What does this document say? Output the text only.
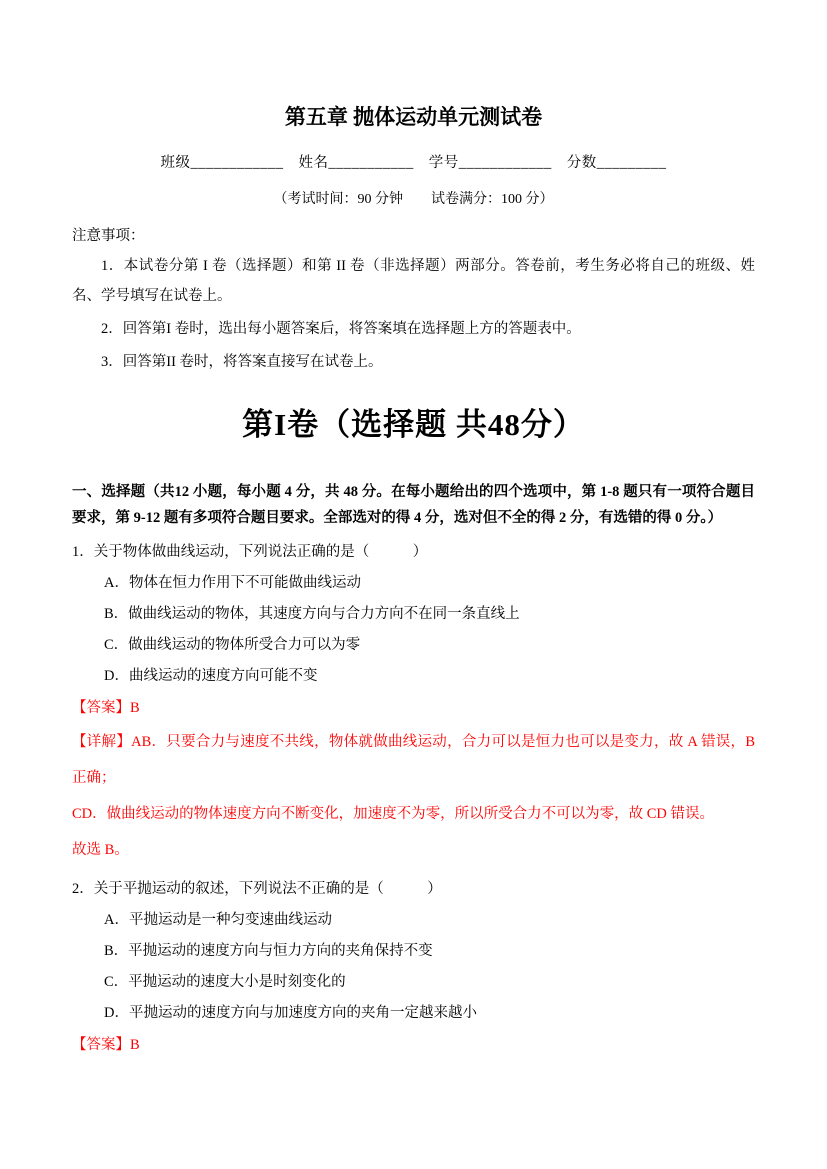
第五章 抛体运动单元测试卷

班级____________　姓名___________　学号____________　分数_________

（考试时间：90 分钟　　试卷满分：100 分）

注意事项：

1．本试卷分第 I 卷（选择题）和第 II 卷（非选择题）两部分。答卷前，考生务必将自己的班级、姓名、学号填写在试卷上。

2．回答第I 卷时，选出每小题答案后，将答案填在选择题上方的答题表中。

3．回答第II 卷时，将答案直接写在试卷上。

第I卷（选择题 共48分）

一、选择题（共12 小题，每小题 4 分，共 48 分。在每小题给出的四个选项中，第 1-8 题只有一项符合题目要求，第 9-12 题有多项符合题目要求。全部选对的得 4 分，选对但不全的得 2 分，有选错的得 0 分。）

1．关于物体做曲线运动，下列说法正确的是（　　　）

A．物体在恒力作用下不可能做曲线运动

B．做曲线运动的物体，其速度方向与合力方向不在同一条直线上

C．做曲线运动的物体所受合力可以为零

D．曲线运动的速度方向可能不变

【答案】B

【详解】AB．只要合力与速度不共线，物体就做曲线运动，合力可以是恒力也可以是变力，故 A 错误，B 正确；

CD．做曲线运动的物体速度方向不断变化，加速度不为零，所以所受合力不可以为零，故 CD 错误。

故选 B。

2．关于平抛运动的叙述，下列说法不正确的是（　　　）

A．平抛运动是一种匀变速曲线运动

B．平抛运动的速度方向与恒力方向的夹角保持不变

C．平抛运动的速度大小是时刻变化的

D．平抛运动的速度方向与加速度方向的夹角一定越来越小

【答案】B
